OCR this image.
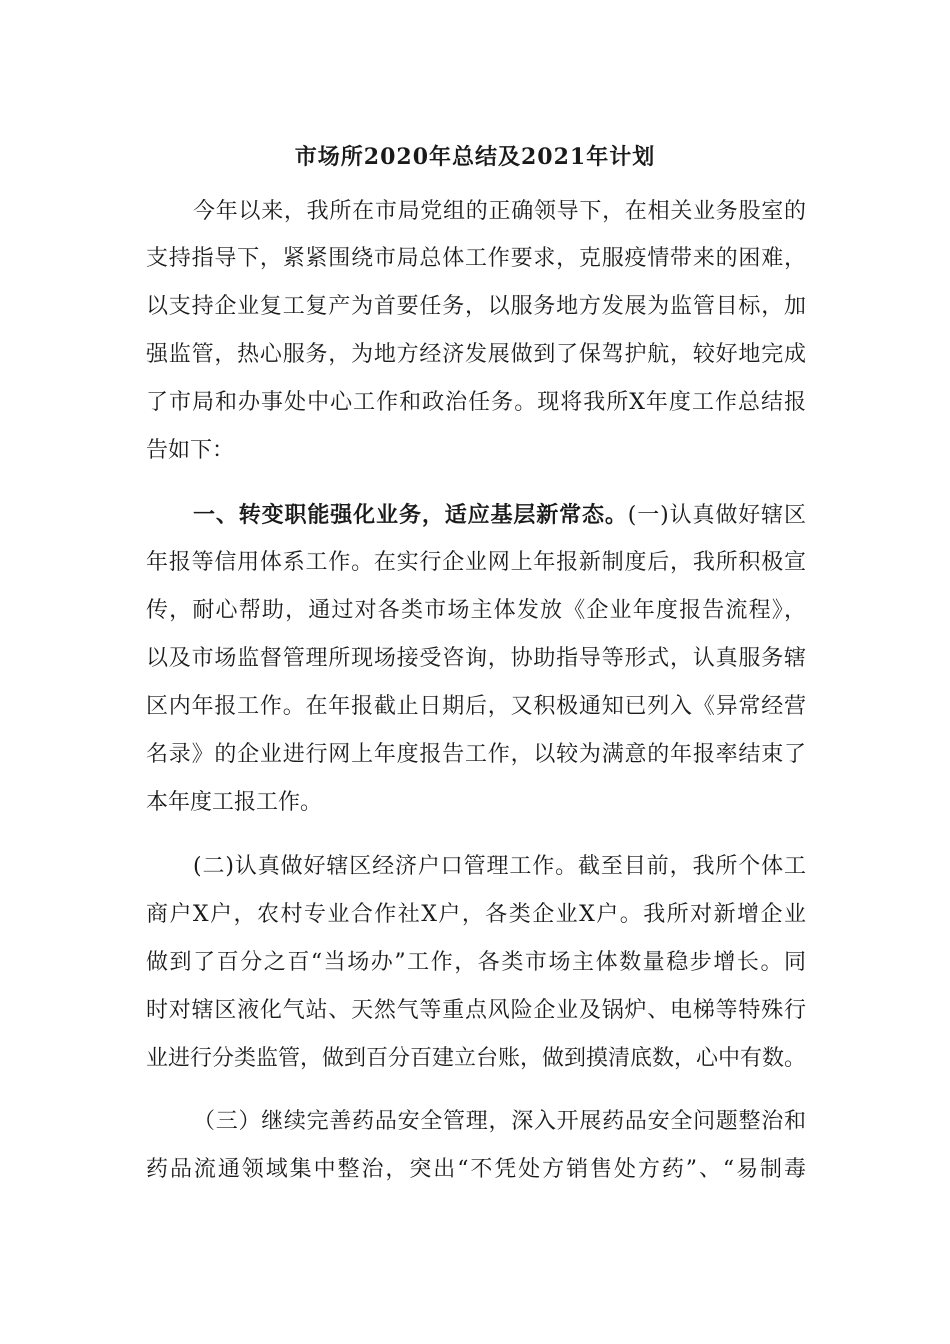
市场所2020年总结及2021年计划
今年以来，我所在市局党组的正确领导下，在相关业务股室的
支持指导下，紧紧围绕市局总体工作要求，克服疫情带来的困难，
以支持企业复工复产为首要任务，以服务地方发展为监管目标，加
强监管，热心服务，为地方经济发展做到了保驾护航，较好地完成
了市局和办事处中心工作和政治任务。现将我所X年度工作总结报
告如下：
一、转变职能强化业务，适应基层新常态。(一)认真做好辖区
年报等信用体系工作。在实行企业网上年报新制度后，我所积极宣
传，耐心帮助，通过对各类市场主体发放《企业年度报告流程》，
以及市场监督管理所现场接受咨询，协助指导等形式，认真服务辖
区内年报工作。在年报截止日期后，又积极通知已列入《异常经营
名录》的企业进行网上年度报告工作，以较为满意的年报率结束了
本年度工报工作。
(二)认真做好辖区经济户口管理工作。截至目前，我所个体工
商户X户，农村专业合作社X户，各类企业X户。我所对新增企业
做到了百分之百“当场办”工作，各类市场主体数量稳步增长。同
时对辖区液化气站、天然气等重点风险企业及锅炉、电梯等特殊行
业进行分类监管，做到百分百建立台账，做到摸清底数，心中有数。
（三）继续完善药品安全管理，深入开展药品安全问题整治和
药品流通领域集中整治，突出“不凭处方销售处方药”、“易制毒
